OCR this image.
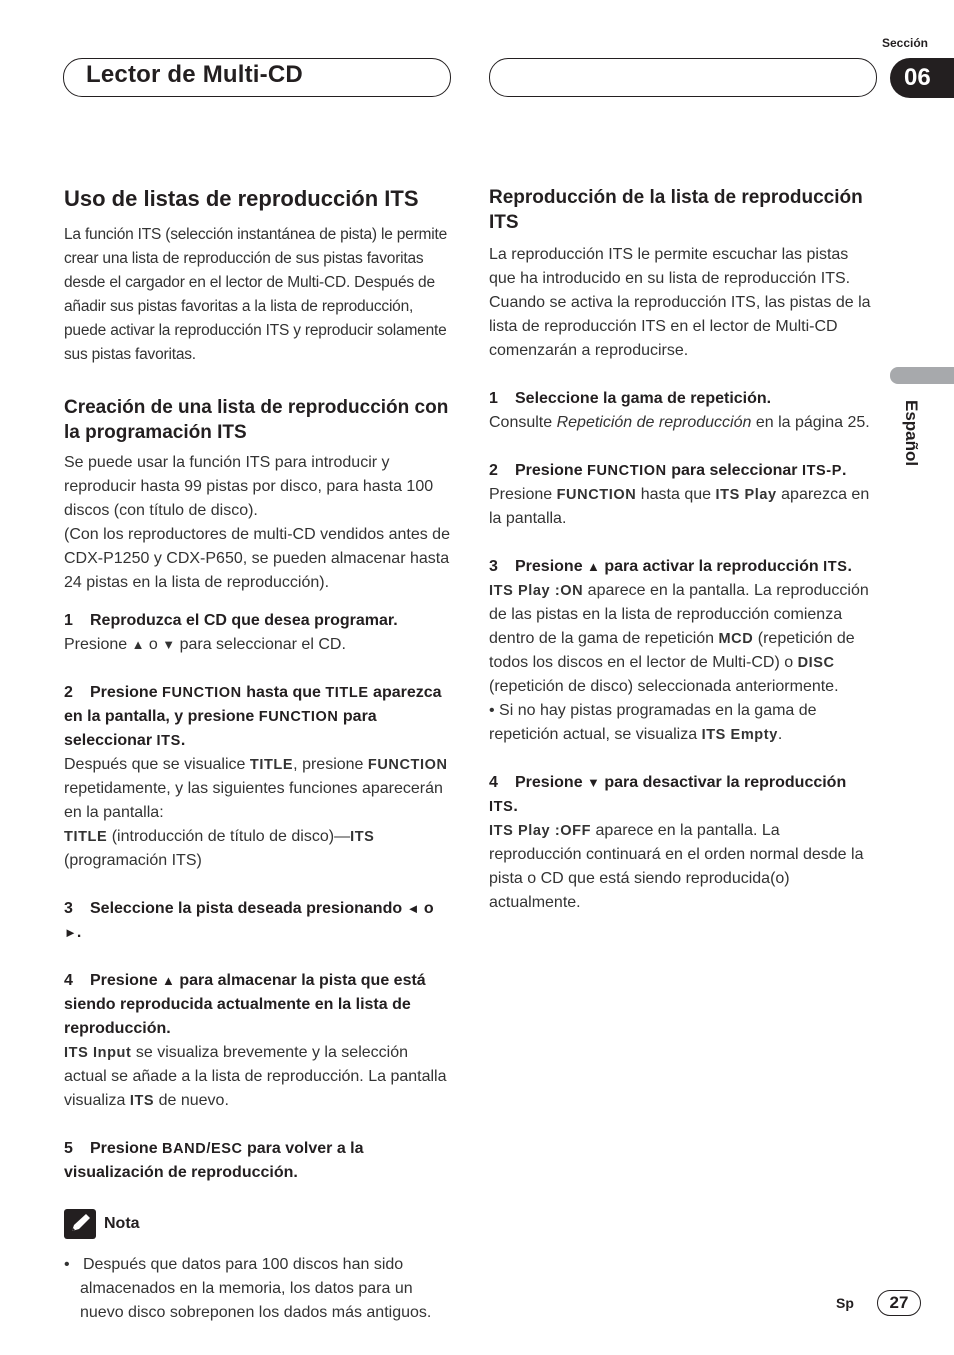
Lector de Multi-CD
Sección
06
Español
Uso de listas de reproducción ITS

La función ITS (selección instantánea de pista) le permite crear una lista de reproducción de sus pistas favoritas desde el cargador en el lector de Multi-CD. Después de añadir sus pistas favoritas a la lista de reproducción, puede activar la reproducción ITS y reproducir solamente sus pistas favoritas.

Creación de una lista de reproducción con la programación ITS

Se puede usar la función ITS para introducir y reproducir hasta 99 pistas por disco, para hasta 100 discos (con título de disco).

(Con los reproductores de multi-CD vendidos antes de CDX-P1250 y CDX-P650, se pueden almacenar hasta 24 pistas en la lista de reproducción).

1 Reproduzca el CD que desea programar.

Presione ▲ o ▼ para seleccionar el CD.

2 Presione FUNCTION hasta que TITLE aparezca en la pantalla, y presione FUNCTION para seleccionar ITS.

Después que se visualice TITLE, presione FUNCTION repetidamente, y las siguientes funciones aparecerán en la pantalla:
TITLE (introducción de título de disco)—ITS (programación ITS)

3 Seleccione la pista deseada presionando ◄ o ►.

4 Presione ▲ para almacenar la pista que está siendo reproducida actualmente en la lista de reproducción.

ITS Input se visualiza brevemente y la selección actual se añade a la lista de reproducción. La pantalla visualiza ITS de nuevo.

5 Presione BAND/ESC para volver a la visualización de reproducción.

Nota

• Después que datos para 100 discos han sido almacenados en la memoria, los datos para un nuevo disco sobreponen los dados más antiguos.

Reproducción de la lista de reproducción ITS

La reproducción ITS le permite escuchar las pistas que ha introducido en su lista de reproducción ITS. Cuando se activa la reproducción ITS, las pistas de la lista de reproducción ITS en el lector de Multi-CD comenzarán a reproducirse.

1 Seleccione la gama de repetición.

Consulte Repetición de reproducción en la página 25.

2 Presione FUNCTION para seleccionar ITS-P.

Presione FUNCTION hasta que ITS Play aparezca en la pantalla.

3 Presione ▲ para activar la reproducción ITS.

ITS Play :ON aparece en la pantalla. La reproducción de las pistas en la lista de reproducción comienza dentro de la gama de repetición MCD (repetición de todos los discos en el lector de Multi-CD) o DISC (repetición de disco) seleccionada anteriormente.

• Si no hay pistas programadas en la gama de repetición actual, se visualiza ITS Empty.

4 Presione ▼ para desactivar la reproducción ITS.

ITS Play :OFF aparece en la pantalla. La reproducción continuará en el orden normal desde la pista o CD que está siendo reproducida(o) actualmente.

Sp	27
